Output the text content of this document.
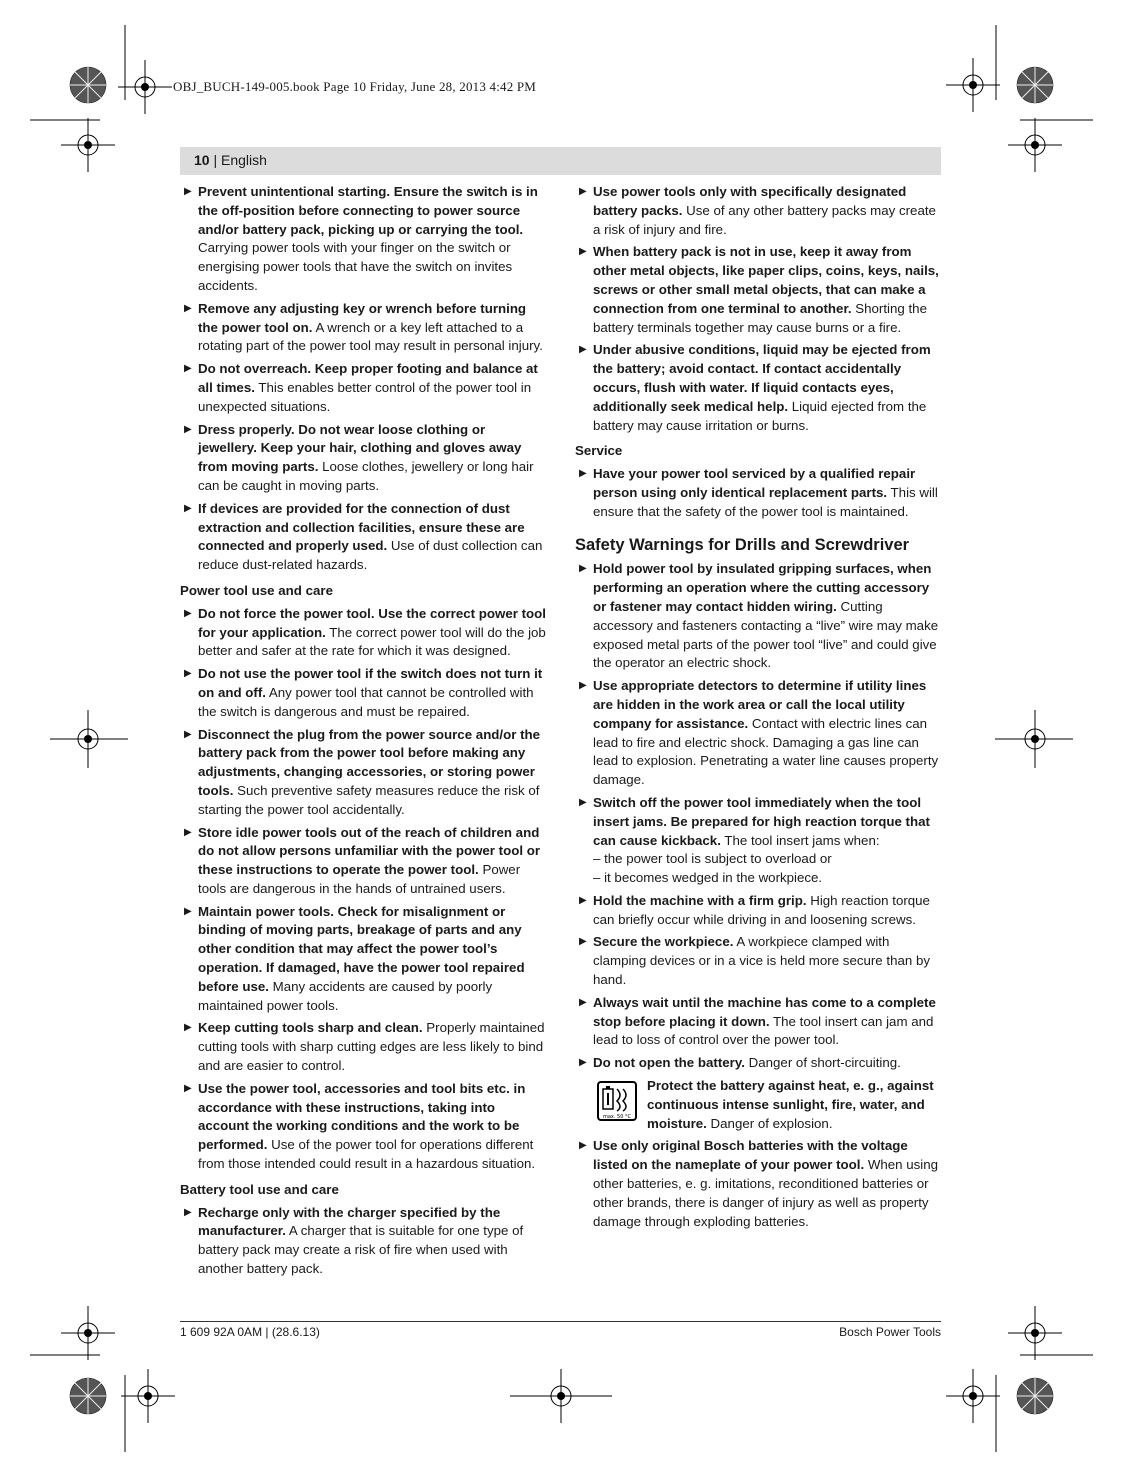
OBJ_BUCH-149-005.book Page 10 Friday, June 28, 2013 4:42 PM
10 | English
▶ Prevent unintentional starting. Ensure the switch is in the off-position before connecting to power source and/or battery pack, picking up or carrying the tool. Carrying power tools with your finger on the switch or energising power tools that have the switch on invites accidents.
▶ Remove any adjusting key or wrench before turning the power tool on. A wrench or a key left attached to a rotating part of the power tool may result in personal injury.
▶ Do not overreach. Keep proper footing and balance at all times. This enables better control of the power tool in unexpected situations.
▶ Dress properly. Do not wear loose clothing or jewellery. Keep your hair, clothing and gloves away from moving parts. Loose clothes, jewellery or long hair can be caught in moving parts.
▶ If devices are provided for the connection of dust extraction and collection facilities, ensure these are connected and properly used. Use of dust collection can reduce dust-related hazards.
Power tool use and care
▶ Do not force the power tool. Use the correct power tool for your application. The correct power tool will do the job better and safer at the rate for which it was designed.
▶ Do not use the power tool if the switch does not turn it on and off. Any power tool that cannot be controlled with the switch is dangerous and must be repaired.
▶ Disconnect the plug from the power source and/or the battery pack from the power tool before making any adjustments, changing accessories, or storing power tools. Such preventive safety measures reduce the risk of starting the power tool accidentally.
▶ Store idle power tools out of the reach of children and do not allow persons unfamiliar with the power tool or these instructions to operate the power tool. Power tools are dangerous in the hands of untrained users.
▶ Maintain power tools. Check for misalignment or binding of moving parts, breakage of parts and any other condition that may affect the power tool’s operation. If damaged, have the power tool repaired before use. Many accidents are caused by poorly maintained power tools.
▶ Keep cutting tools sharp and clean. Properly maintained cutting tools with sharp cutting edges are less likely to bind and are easier to control.
▶ Use the power tool, accessories and tool bits etc. in accordance with these instructions, taking into account the working conditions and the work to be performed. Use of the power tool for operations different from those intended could result in a hazardous situation.
Battery tool use and care
▶ Recharge only with the charger specified by the manufacturer. A charger that is suitable for one type of battery pack may create a risk of fire when used with another battery pack.
▶ Use power tools only with specifically designated battery packs. Use of any other battery packs may create a risk of injury and fire.
▶ When battery pack is not in use, keep it away from other metal objects, like paper clips, coins, keys, nails, screws or other small metal objects, that can make a connection from one terminal to another. Shorting the battery terminals together may cause burns or a fire.
▶ Under abusive conditions, liquid may be ejected from the battery; avoid contact. If contact accidentally occurs, flush with water. If liquid contacts eyes, additionally seek medical help. Liquid ejected from the battery may cause irritation or burns.
Service
▶ Have your power tool serviced by a qualified repair person using only identical replacement parts. This will ensure that the safety of the power tool is maintained.
Safety Warnings for Drills and Screwdriver
▶ Hold power tool by insulated gripping surfaces, when performing an operation where the cutting accessory or fastener may contact hidden wiring. Cutting accessory and fasteners contacting a “live” wire may make exposed metal parts of the power tool “live” and could give the operator an electric shock.
▶ Use appropriate detectors to determine if utility lines are hidden in the work area or call the local utility company for assistance. Contact with electric lines can lead to fire and electric shock. Damaging a gas line can lead to explosion. Penetrating a water line causes property damage.
▶ Switch off the power tool immediately when the tool insert jams. Be prepared for high reaction torque that can cause kickback. The tool insert jams when:
– the power tool is subject to overload or
– it becomes wedged in the workpiece.
▶ Hold the machine with a firm grip. High reaction torque can briefly occur while driving in and loosening screws.
▶ Secure the workpiece. A workpiece clamped with clamping devices or in a vice is held more secure than by hand.
▶ Always wait until the machine has come to a complete stop before placing it down. The tool insert can jam and lead to loss of control over the power tool.
▶ Do not open the battery. Danger of short-circuiting.
max. 50 °C
Protect the battery against heat, e. g., against continuous intense sunlight, fire, water, and moisture. Danger of explosion.
▶ Use only original Bosch batteries with the voltage listed on the nameplate of your power tool. When using other batteries, e. g. imitations, reconditioned batteries or other brands, there is danger of injury as well as property damage through exploding batteries.
1 609 92A 0AM | (28.6.13)	Bosch Power Tools
